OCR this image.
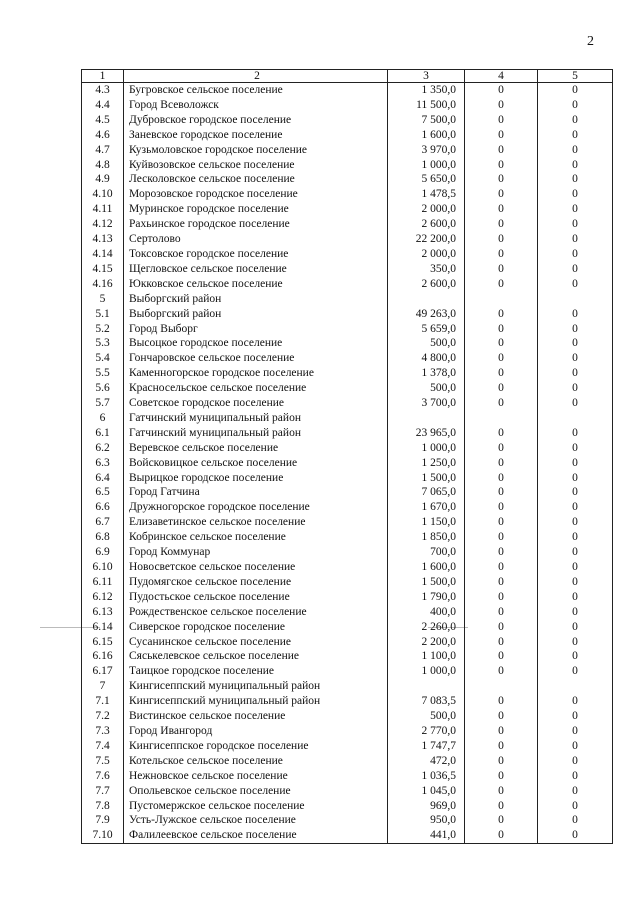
2
1	2	3	4	5
4.3	Бугровское сельское поселение	1 350,0	0	0
4.4	Город Всеволожск	11 500,0	0	0
4.5	Дубровское городское поселение	7 500,0	0	0
4.6	Заневское городское поселение	1 600,0	0	0
4.7	Кузьмоловское городское поселение	3 970,0	0	0
4.8	Куйвозовское сельское поселение	1 000,0	0	0
4.9	Лесколовское сельское поселение	5 650,0	0	0
4.10	Морозовское городское поселение	1 478,5	0	0
4.11	Муринское городское поселение	2 000,0	0	0
4.12	Рахьинское городское поселение	2 600,0	0	0
4.13	Сертолово	22 200,0	0	0
4.14	Токсовское городское поселение	2 000,0	0	0
4.15	Щегловское сельское поселение	350,0	0	0
4.16	Юкковское сельское поселение	2 600,0	0	0
5	Выборгский район			
5.1	Выборгский район	49 263,0	0	0
5.2	Город Выборг	5 659,0	0	0
5.3	Высоцкое городское поселение	500,0	0	0
5.4	Гончаровское сельское поселение	4 800,0	0	0
5.5	Каменногорское городское поселение	1 378,0	0	0
5.6	Красносельское сельское поселение	500,0	0	0
5.7	Советское городское поселение	3 700,0	0	0
6	Гатчинский муниципальный район			
6.1	Гатчинский муниципальный район	23 965,0	0	0
6.2	Веревское сельское поселение	1 000,0	0	0
6.3	Войсковицкое сельское поселение	1 250,0	0	0
6.4	Вырицкое городское поселение	1 500,0	0	0
6.5	Город Гатчина	7 065,0	0	0
6.6	Дружногорское городское поселение	1 670,0	0	0
6.7	Елизаветинское сельское поселение	1 150,0	0	0
6.8	Кобринское сельское поселение	1 850,0	0	0
6.9	Город Коммунар	700,0	0	0
6.10	Новосветское сельское поселение	1 600,0	0	0
6.11	Пудомягское сельское поселение	1 500,0	0	0
6.12	Пудостьское сельское поселение	1 790,0	0	0
6.13	Рождественское сельское поселение	400,0	0	0
6.14	Сиверское городское поселение	2 260,0	0	0
6.15	Сусанинское сельское поселение	2 200,0	0	0
6.16	Сяськелевское сельское поселение	1 100,0	0	0
6.17	Таицкое городское поселение	1 000,0	0	0
7	Кингисеппский муниципальный район			
7.1	Кингисеппский муниципальный район	7 083,5	0	0
7.2	Вистинское сельское поселение	500,0	0	0
7.3	Город Ивангород	2 770,0	0	0
7.4	Кингисеппское городское поселение	1 747,7	0	0
7.5	Котельское сельское поселение	472,0	0	0
7.6	Нежновское сельское поселение	1 036,5	0	0
7.7	Опольевское сельское поселение	1 045,0	0	0
7.8	Пустомержское сельское поселение	969,0	0	0
7.9	Усть-Лужское сельское поселение	950,0	0	0
7.10	Фалилеевское сельское поселение	441,0	0	0
